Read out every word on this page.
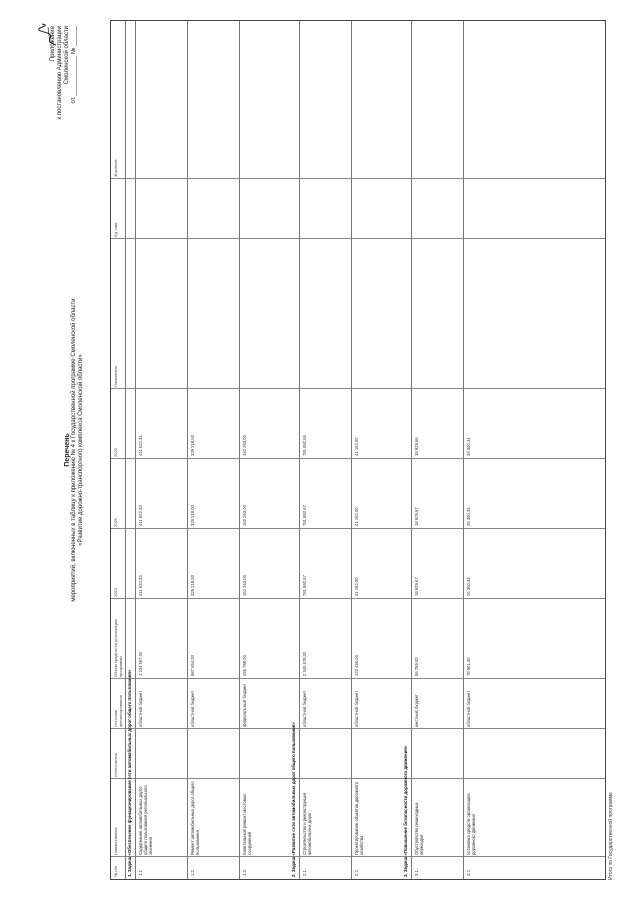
Приложение к постановлению Администрации Смоленской области от ____________ № ______
Перечень мероприятий, включенных в таблицу к приложению № 4 к Государственной программе Смоленской области «Развитие дорожно-транспортного комплекса Смоленской области»
№ п/п
Наименование
Исполнитель
Источник финансирования
Объем средств на реализацию программы
2024
2025
2026
Показатель
Ед. изм.
Значение
1. Задача «Обеспечение функционирования сети автомобильных дорог общего пользования» 1.1.
Содержание автомобильных дорог общего пользования регионального значения
областной бюджет
1 234 567,00
411 522,33
411 522,33
411 522,34
1.2.
Ремонт автомобильных дорог общего пользования
областной бюджет
987 654,00
329 218,00
329 218,00
329 218,00
1.3.
Капитальный ремонт мостовых сооружений
федеральный бюджет
456 789,00
152 263,00
152 263,00
152 263,00
2. Задача «Развитие сети автомобильных дорог общего пользования» 2.1.
Строительство и реконструкция автомобильных дорог
областной бюджет
2 345 678,00
781 892,67
781 892,67
781 892,66
2.2.
Проектирование объектов дорожного хозяйства
областной бюджет
123 456,00
41 152,00
41 152,00
41 152,00
3. Задача «Повышение безопасности дорожного движения» 3.1.
Обустройство пешеходных переходов
местный бюджет
56 789,00
18 929,67
18 929,67
18 929,66
3.2.
Установка средств организации дорожного движения
областной бюджет
78 901,00
26 300,33
26 300,33
26 300,34
Итого по Государственной программе
